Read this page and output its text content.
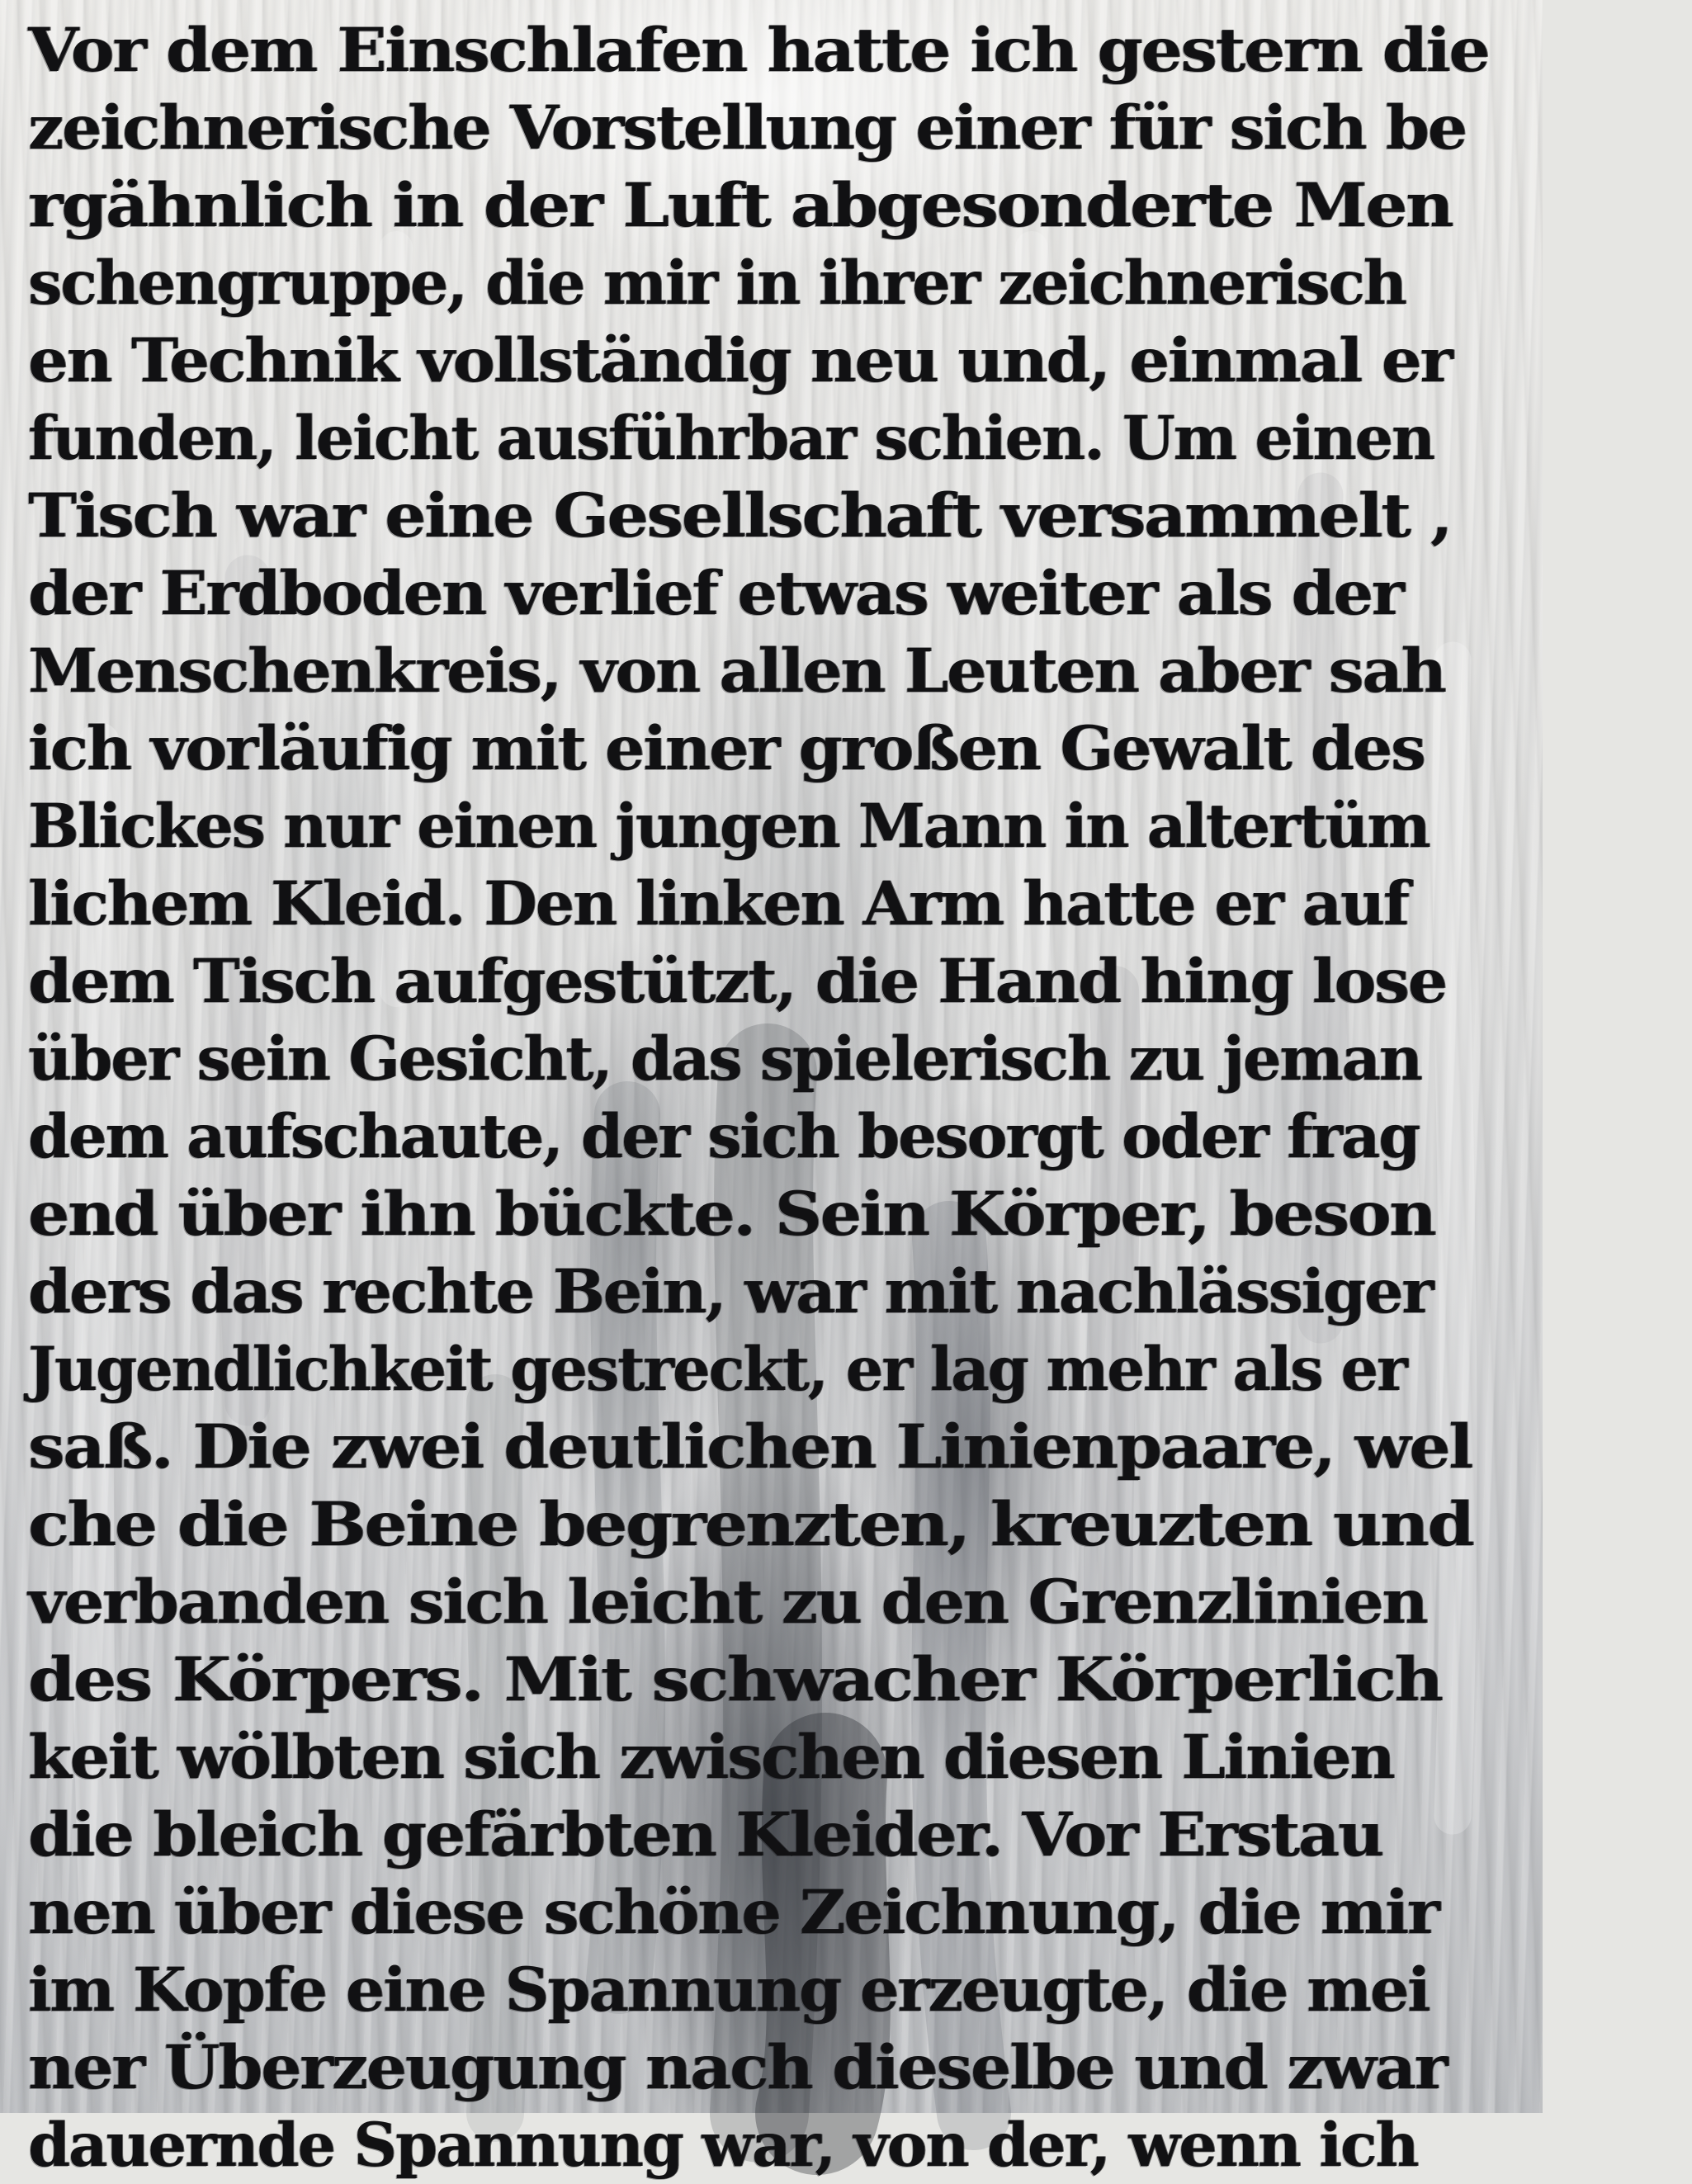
Vor dem Einschlafen hatte ich gestern die
zeichnerische Vorstellung einer für sich be
rgähnlich in der Luft abgesonderte Men
schengruppe, die mir in ihrer zeichnerisch
en Technik vollständig neu und, einmal er
funden, leicht ausführbar schien. Um einen
Tisch war eine Gesellschaft versammelt ,
der Erdboden verlief etwas weiter als der
Menschenkreis, von allen Leuten aber sah
ich vorläufig mit einer großen Gewalt des
Blickes nur einen jungen Mann in altertüm
lichem Kleid. Den linken Arm hatte er auf
dem Tisch aufgestützt, die Hand hing lose
über sein Gesicht, das spielerisch zu jeman
dem aufschaute, der sich besorgt oder frag
end über ihn bückte. Sein Körper, beson
ders das rechte Bein, war mit nachlässiger
Jugendlichkeit gestreckt, er lag mehr als er
saß. Die zwei deutlichen Linienpaare, wel
che die Beine begrenzten, kreuzten und
verbanden sich leicht zu den Grenzlinien
des Körpers. Mit schwacher Körperlich
keit wölbten sich zwischen diesen Linien
die bleich gefärbten Kleider. Vor Erstau
nen über diese schöne Zeichnung, die mir
im Kopfe eine Spannung erzeugte, die mei
ner Überzeugung nach dieselbe und zwar
dauernde Spannung war, von der, wenn ich
